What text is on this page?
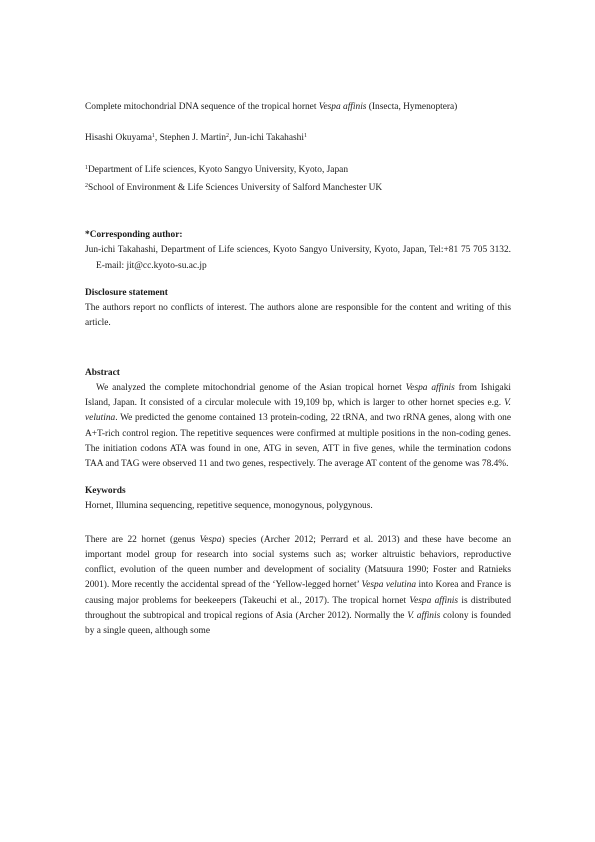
Complete mitochondrial DNA sequence of the tropical hornet Vespa affinis (Insecta, Hymenoptera)

Hisashi Okuyama$^1$, Stephen J. Martin$^2$, Jun-ichi Takahashi$^1$

$^1$Department of Life sciences, Kyoto Sangyo University, Kyoto, Japan

$^2$School of Environment & Life Sciences University of Salford Manchester UK

*Corresponding author:

Jun-ichi Takahashi, Department of Life sciences, Kyoto Sangyo University, Kyoto, Japan, Tel:+81 75 705 3132. E-mail: jit@cc.kyoto-su.ac.jp

Disclosure statement

The authors report no conflicts of interest. The authors alone are responsible for the content and writing of this article.

Abstract

We analyzed the complete mitochondrial genome of the Asian tropical hornet Vespa affinis from Ishigaki Island, Japan. It consisted of a circular molecule with 19,109 bp, which is larger to other hornet species e.g. V. velutina. We predicted the genome contained 13 protein-coding, 22 tRNA, and two rRNA genes, along with one A+T-rich control region. The repetitive sequences were confirmed at multiple positions in the non-coding genes. The initiation codons ATA was found in one, ATG in seven, ATT in five genes, while the termination codons TAA and TAG were observed 11 and two genes, respectively. The average AT content of the genome was 78.4%.

Keywords

Hornet, Illumina sequencing, repetitive sequence, monogynous, polygynous.

There are 22 hornet (genus Vespa) species (Archer 2012; Perrard et al. 2013) and these have become an important model group for research into social systems such as; worker altruistic behaviors, reproductive conflict, evolution of the queen number and development of sociality (Matsuura 1990; Foster and Ratnieks 2001). More recently the accidental spread of the ‘Yellow-legged hornet’ Vespa velutina into Korea and France is causing major problems for beekeepers (Takeuchi et al., 2017). The tropical hornet Vespa affinis is distributed throughout the subtropical and tropical regions of Asia (Archer 2012). Normally the V. affinis colony is founded by a single queen, although some
